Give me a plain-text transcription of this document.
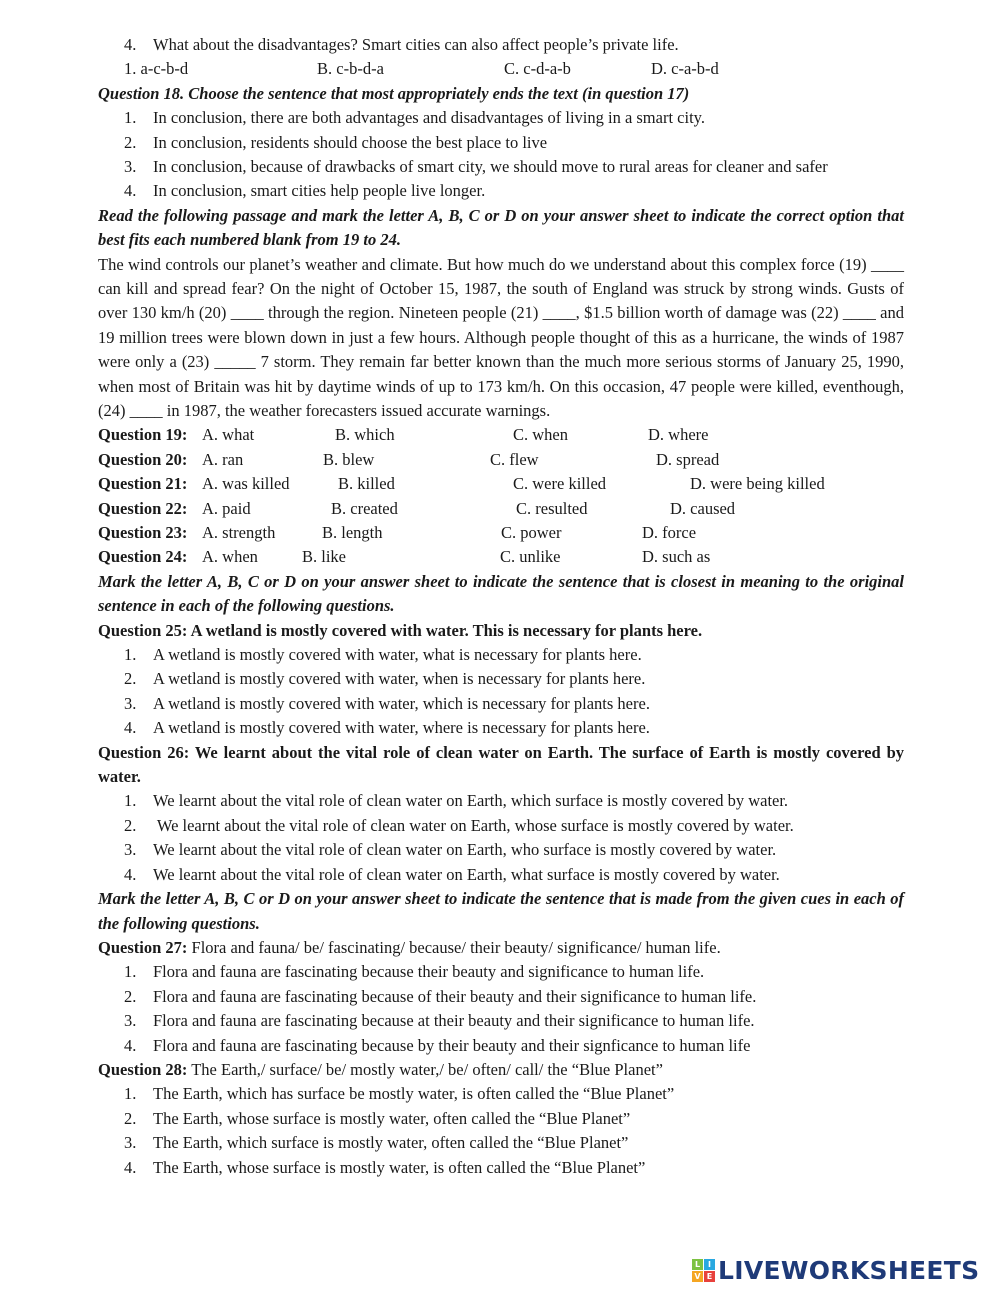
4. What about the disadvantages? Smart cities can also affect people’s private life.
1. a-c-b-d	B. c-b-d-a	C. c-d-a-b	D. c-a-b-d
Question 18. Choose the sentence that most appropriately ends the text (in question 17)
1. In conclusion, there are both advantages and disadvantages of living in a smart city.
2. In conclusion, residents should choose the best place to live
3. In conclusion, because of drawbacks of smart city, we should move to rural areas for cleaner and safer
4. In conclusion, smart cities help people live longer.
Read the following passage and mark the letter A, B, C or D on your answer sheet to indicate the correct option that best fits each numbered blank from 19 to 24.
The wind controls our planet’s weather and climate. But how much do we understand about this complex force (19) ____ can kill and spread fear? On the night of October 15, 1987, the south of England was struck by strong winds. Gusts of over 130 km/h (20) ____ through the region. Nineteen people (21) ____, $1.5 billion worth of damage was (22) ____ and 19 million trees were blown down in just a few hours. Although people thought of this as a hurricane, the winds of 1987 were only a (23) _____ 7 storm. They remain far better known than the much more serious storms of January 25, 1990, when most of Britain was hit by daytime winds of up to 173 km/h. On this occasion, 47 people were killed, eventhough, (24) ____ in 1987, the weather forecasters issued accurate warnings.
Question 19: A. what	B. which	C. when	D. where
Question 20: A. ran	B. blew	C. flew	D. spread
Question 21: A. was killed	B. killed	C. were killed	D. were being killed
Question 22: A. paid	B. created	C. resulted	D. caused
Question 23: A. strength	B. length	C. power	D. force
Question 24: A. when	B. like	C. unlike	D. such as
Mark the letter A, B, C or D on your answer sheet to indicate the sentence that is closest in meaning to the original sentence in each of the following questions.
Question 25: A wetland is mostly covered with water. This is necessary for plants here.
1. A wetland is mostly covered with water, what is necessary for plants here.
2. A wetland is mostly covered with water, when is necessary for plants here.
3. A wetland is mostly covered with water, which is necessary for plants here.
4. A wetland is mostly covered with water, where is necessary for plants here.
Question 26: We learnt about the vital role of clean water on Earth. The surface of Earth is mostly covered by water.
1. We learnt about the vital role of clean water on Earth, which surface is mostly covered by water.
2. We learnt about the vital role of clean water on Earth, whose surface is mostly covered by water.
3. We learnt about the vital role of clean water on Earth, who surface is mostly covered by water.
4. We learnt about the vital role of clean water on Earth, what surface is mostly covered by water.
Mark the letter A, B, C or D on your answer sheet to indicate the sentence that is made from the given cues in each of the following questions.
Question 27: Flora and fauna/ be/ fascinating/ because/ their beauty/ significance/ human life.
1. Flora and fauna are fascinating because their beauty and significance to human life.
2. Flora and fauna are fascinating because of their beauty and their significance to human life.
3. Flora and fauna are fascinating because at their beauty and their significance to human life.
4. Flora and fauna are fascinating because by their beauty and their signficance to human life
Question 28: The Earth,/ surface/ be/ mostly water,/ be/ often/ call/ the “Blue Planet”
1. The Earth, which has surface be mostly water, is often called the “Blue Planet”
2. The Earth, whose surface is mostly water, often called the “Blue Planet”
3. The Earth, which surface is mostly water, often called the “Blue Planet”
4. The Earth, whose surface is mostly water, is often called the “Blue Planet”
L I
V E LIVEWORKSHEETS
